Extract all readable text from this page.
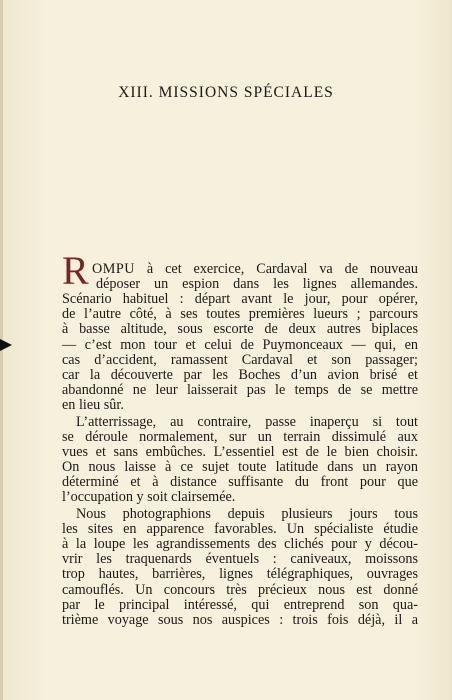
XIII. MISSIONS SPÉCIALES
R OMPU à cet exercice, Cardaval va de nouveau
déposer un espion dans les lignes allemandes.
Scénario habituel : départ avant le jour, pour opérer,
de l’autre côté, à ses toutes premières lueurs ; parcours
à basse altitude, sous escorte de deux autres biplaces
— c’est mon tour et celui de Puymonceaux — qui, en
cas d’accident, ramassent Cardaval et son passager;
car la découverte par les Boches d’un avion brisé et
abandonné ne leur laisserait pas le temps de se mettre
en lieu sûr.
L’atterrissage, au contraire, passe inaperçu si tout
se déroule normalement, sur un terrain dissimulé aux
vues et sans embûches. L’essentiel est de le bien choisir.
On nous laisse à ce sujet toute latitude dans un rayon
déterminé et à distance suffisante du front pour que
l’occupation y soit clairsemée.
Nous photographions depuis plusieurs jours tous
les sites en apparence favorables. Un spécialiste étudie
à la loupe les agrandissements des clichés pour y décou-
vrir les traquenards éventuels : caniveaux, moissons
trop hautes, barrières, lignes télégraphiques, ouvrages
camouflés. Un concours très précieux nous est donné
par le principal intéressé, qui entreprend son qua-
trième voyage sous nos auspices : trois fois déjà, il a
